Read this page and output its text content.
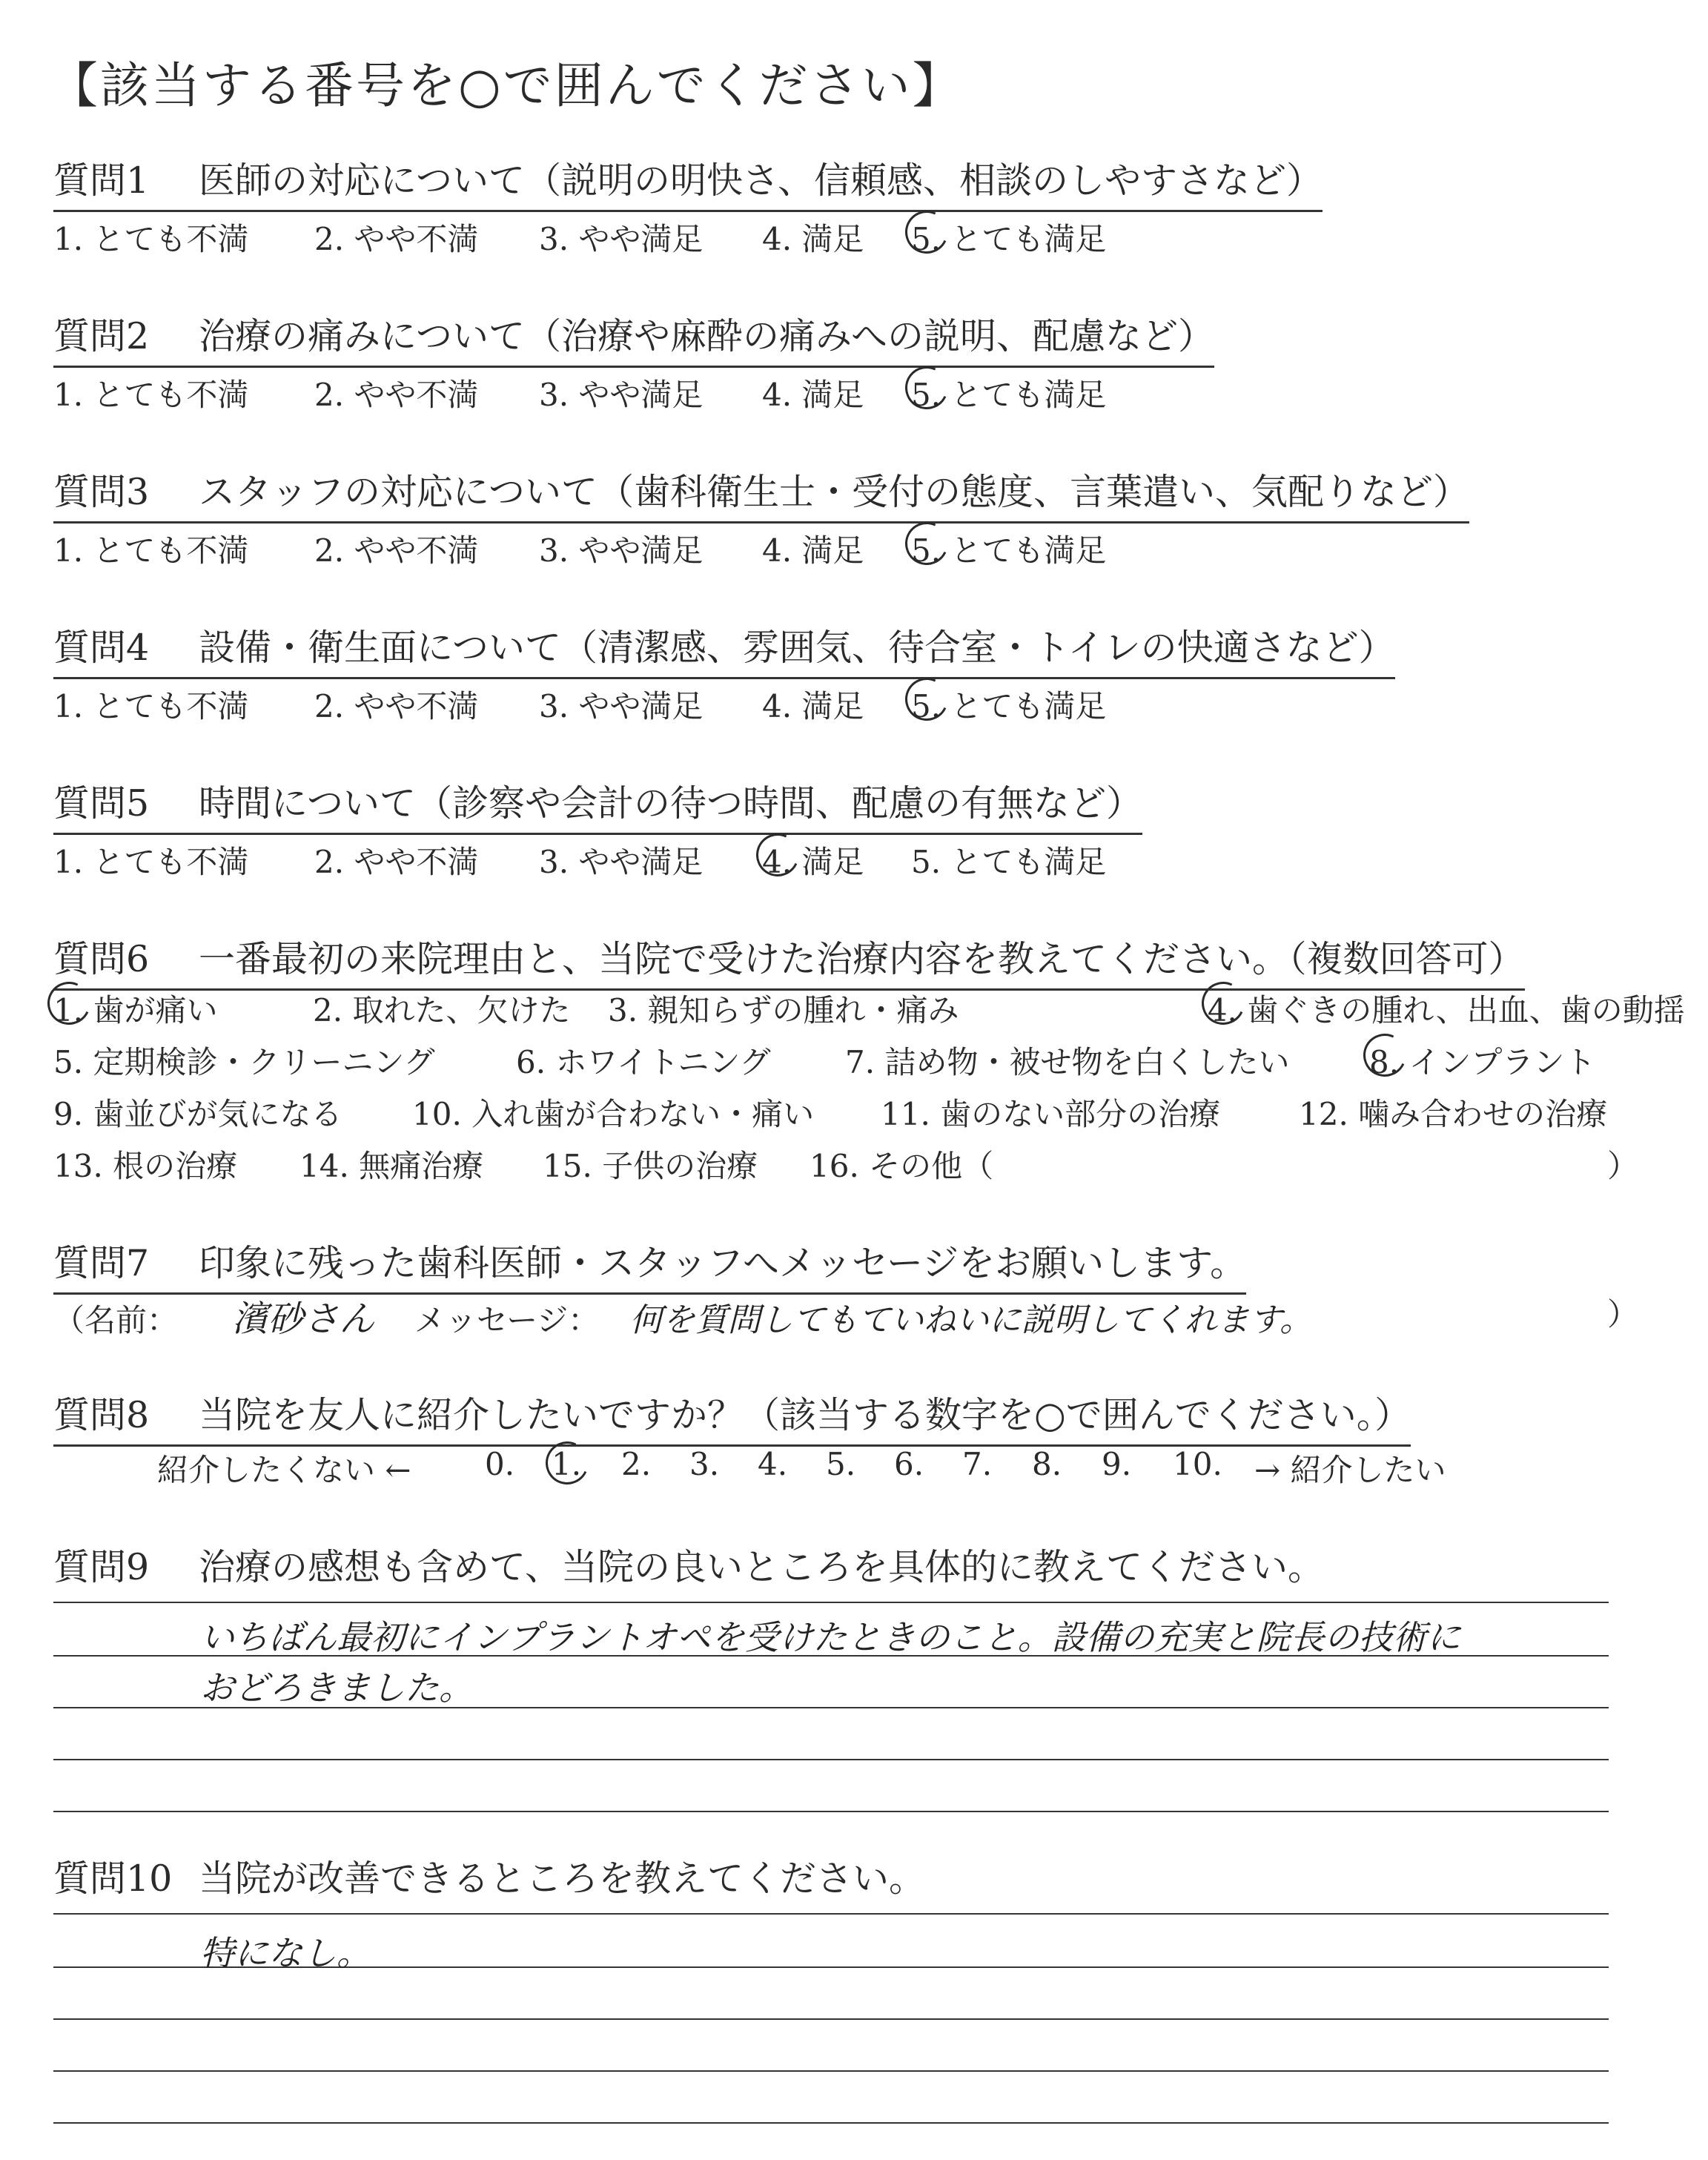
【該当する番号を○で囲んでください】
質問1 医師の対応について（説明の明快さ、信頼感、相談のしやすさなど）
1. とても不満 2. やや不満 3. やや満足 4. 満足 5. とても満足
質問2 治療の痛みについて（治療や麻酔の痛みへの説明、配慮など）
1. とても不満 2. やや不満 3. やや満足 4. 満足 5. とても満足
質問3 スタッフの対応について（歯科衛生士・受付の態度、言葉遣い、気配りなど）
1. とても不満 2. やや不満 3. やや満足 4. 満足 5. とても満足
質問4 設備・衛生面について（清潔感、雰囲気、待合室・トイレの快適さなど）
1. とても不満 2. やや不満 3. やや満足 4. 満足 5. とても満足
質問5 時間について（診察や会計の待つ時間、配慮の有無など）
1. とても不満 2. やや不満 3. やや満足 4. 満足 5. とても満足
質問6 一番最初の来院理由と、当院で受けた治療内容を教えてください。（複数回答可）
1. 歯が痛い	2. 取れた、欠けた 3. 親知らずの腫れ・痛み	4. 歯ぐきの腫れ、出血、歯の動揺
5. 定期検診・クリーニング	6. ホワイトニング 7. 詰め物・被せ物を白くしたい	8. インプラント
9. 歯並びが気になる 10. 入れ歯が合わない・痛い 11. 歯のない部分の治療	12. 噛み合わせの治療
13. 根の治療 14. 無痛治療 15. 子供の治療 16. その他（	）
質問7 印象に残った歯科医師・スタッフへメッセージをお願いします。
（名前： 濱砂さん メッセージ： 何を質問してもていねいに説明してくれます。	）
質問8 当院を友人に紹介したいですか？（該当する数字を○で囲んでください。）
紹介したくない ← 0. 1. 2. 3. 4. 5. 6. 7. 8. 9. 10. → 紹介したい
質問9 治療の感想も含めて、当院の良いところを具体的に教えてください。
いちばん最初にインプラントオペを受けたときのこと。設備の充実と院長の技術に
おどろきました。
質問10 当院が改善できるところを教えてください。
特になし。
